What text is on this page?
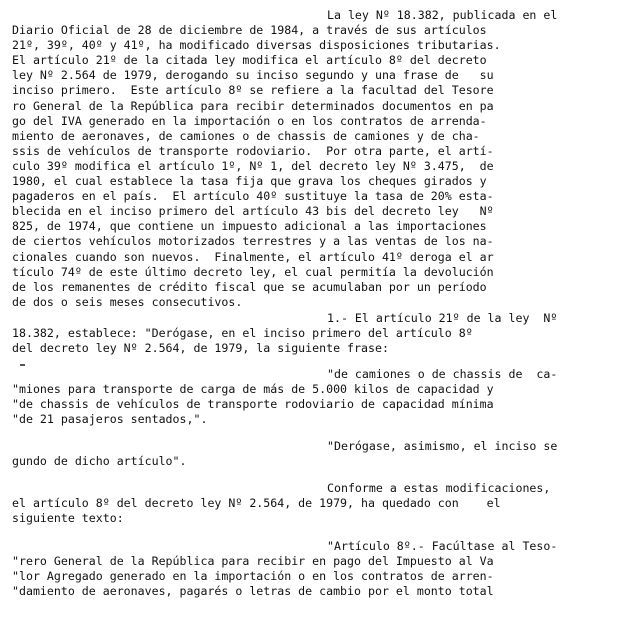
La ley Nº 18.382, publicada en el
Diario Oficial de 28 de diciembre de 1984, a través de sus artículos
21º, 39º, 40º y 41º, ha modificado diversas disposiciones tributarias.
El artículo 21º de la citada ley modifica el artículo 8º del decreto
ley Nº 2.564 de 1979, derogando su inciso segundo y una frase de   su
inciso primero.  Este artículo 8º se refiere a la facultad del Tesore
ro General de la República para recibir determinados documentos en pa
go del IVA generado en la importación o en los contratos de arrenda-
miento de aeronaves, de camiones o de chassis de camiones y de cha-
ssis de vehículos de transporte rodoviario.  Por otra parte, el artí-
culo 39º modifica el artículo 1º, Nº 1, del decreto ley Nº 3.475,  de
1980, el cual establece la tasa fija que grava los cheques girados y
pagaderos en el país.  El artículo 40º sustituye la tasa de 20% esta-
blecida en el inciso primero del artículo 43 bis del decreto ley   Nº
825, de 1974, que contiene un impuesto adicional a las importaciones
de ciertos vehículos motorizados terrestres y a las ventas de los na-
cionales cuando son nuevos.  Finalmente, el artículo 41º deroga el ar
tículo 74º de este último decreto ley, el cual permitía la devolución
de los remanentes de crédito fiscal que se acumulaban por un período
de dos o seis meses consecutivos.
1.- El artículo 21º de la ley  Nº
18.382, establece: "Derógase, en el inciso primero del artículo 8º
del decreto ley Nº 2.564, de 1979, la siguiente frase:
"de camiones o de chassis de  ca-
"miones para transporte de carga de más de 5.000 kilos de capacidad y
"de chassis de vehículos de transporte rodoviario de capacidad mínima
"de 21 pasajeros sentados,".
"Derógase, asimismo, el inciso se
gundo de dicho artículo".
Conforme a estas modificaciones,
el artículo 8º del decreto ley Nº 2.564, de 1979, ha quedado con    el
siguiente texto:
"Artículo 8º.- Facúltase al Teso-
"rero General de la República para recibir en pago del Impuesto al Va
"lor Agregado generado en la importación o en los contratos de arren-
"damiento de aeronaves, pagarés o letras de cambio por el monto total
